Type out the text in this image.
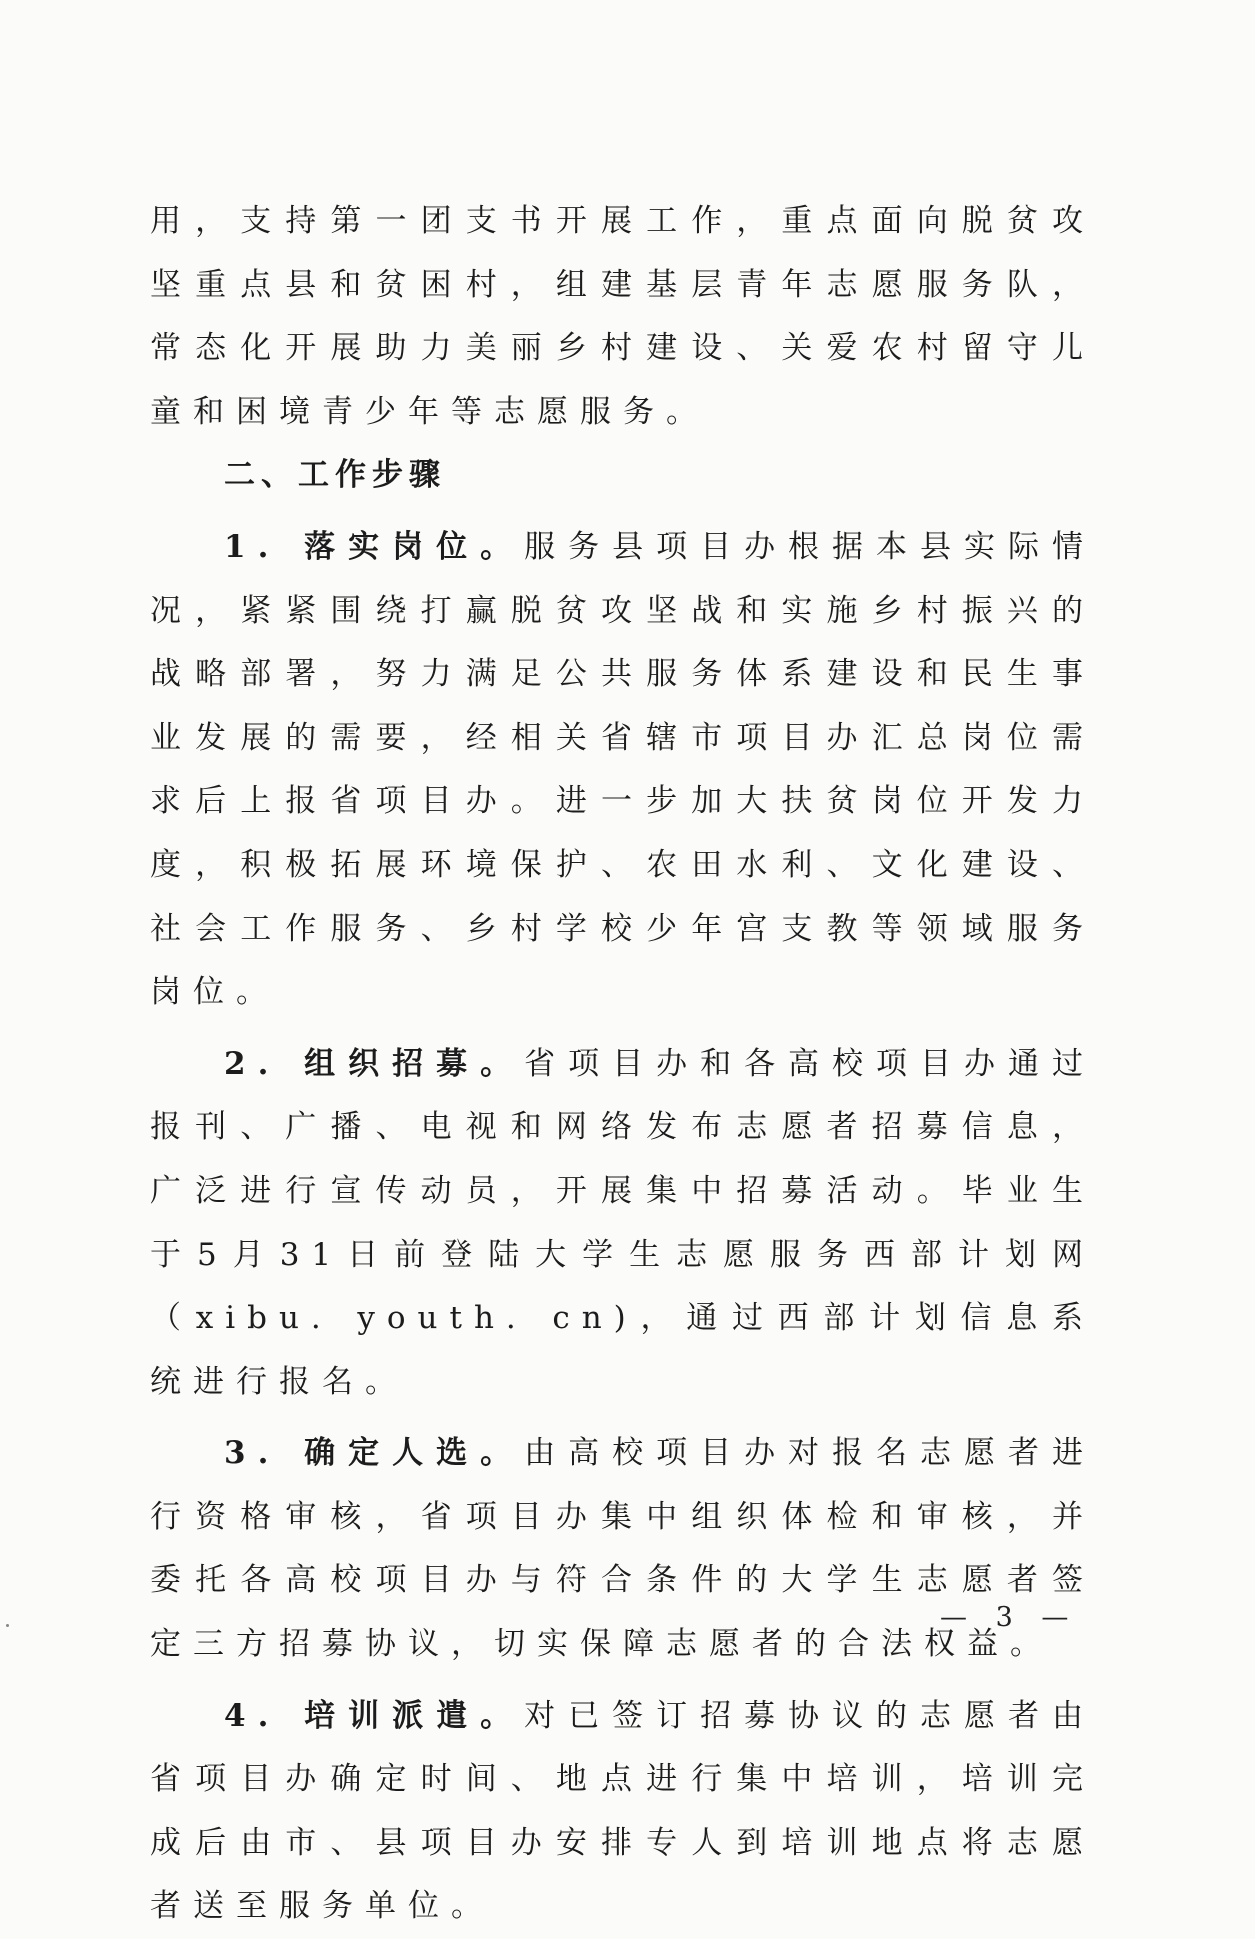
用，支持第一团支书开展工作，重点面向脱贫攻坚重点县和贫困村，组建基层青年志愿服务队，常态化开展助力美丽乡村建设、关爱农村留守儿童和困境青少年等志愿服务。

二、工作步骤

1. 落实岗位。服务县项目办根据本县实际情况，紧紧围绕打赢脱贫攻坚战和实施乡村振兴的战略部署，努力满足公共服务体系建设和民生事业发展的需要，经相关省辖市项目办汇总岗位需求后上报省项目办。进一步加大扶贫岗位开发力度，积极拓展环境保护、农田水利、文化建设、社会工作服务、乡村学校少年宫支教等领域服务岗位。

2. 组织招募。省项目办和各高校项目办通过报刊、广播、电视和网络发布志愿者招募信息，广泛进行宣传动员，开展集中招募活动。毕业生于5月31日前登陆大学生志愿服务西部计划网（xibu. youth. cn)，通过西部计划信息系统进行报名。

3. 确定人选。由高校项目办对报名志愿者进行资格审核，省项目办集中组织体检和审核，并委托各高校项目办与符合条件的大学生志愿者签定三方招募协议，切实保障志愿者的合法权益。

4. 培训派遣。对已签订招募协议的志愿者由省项目办确定时间、地点进行集中培训，培训完成后由市、县项目办安排专人到培训地点将志愿者送至服务单位。

— 3 —
